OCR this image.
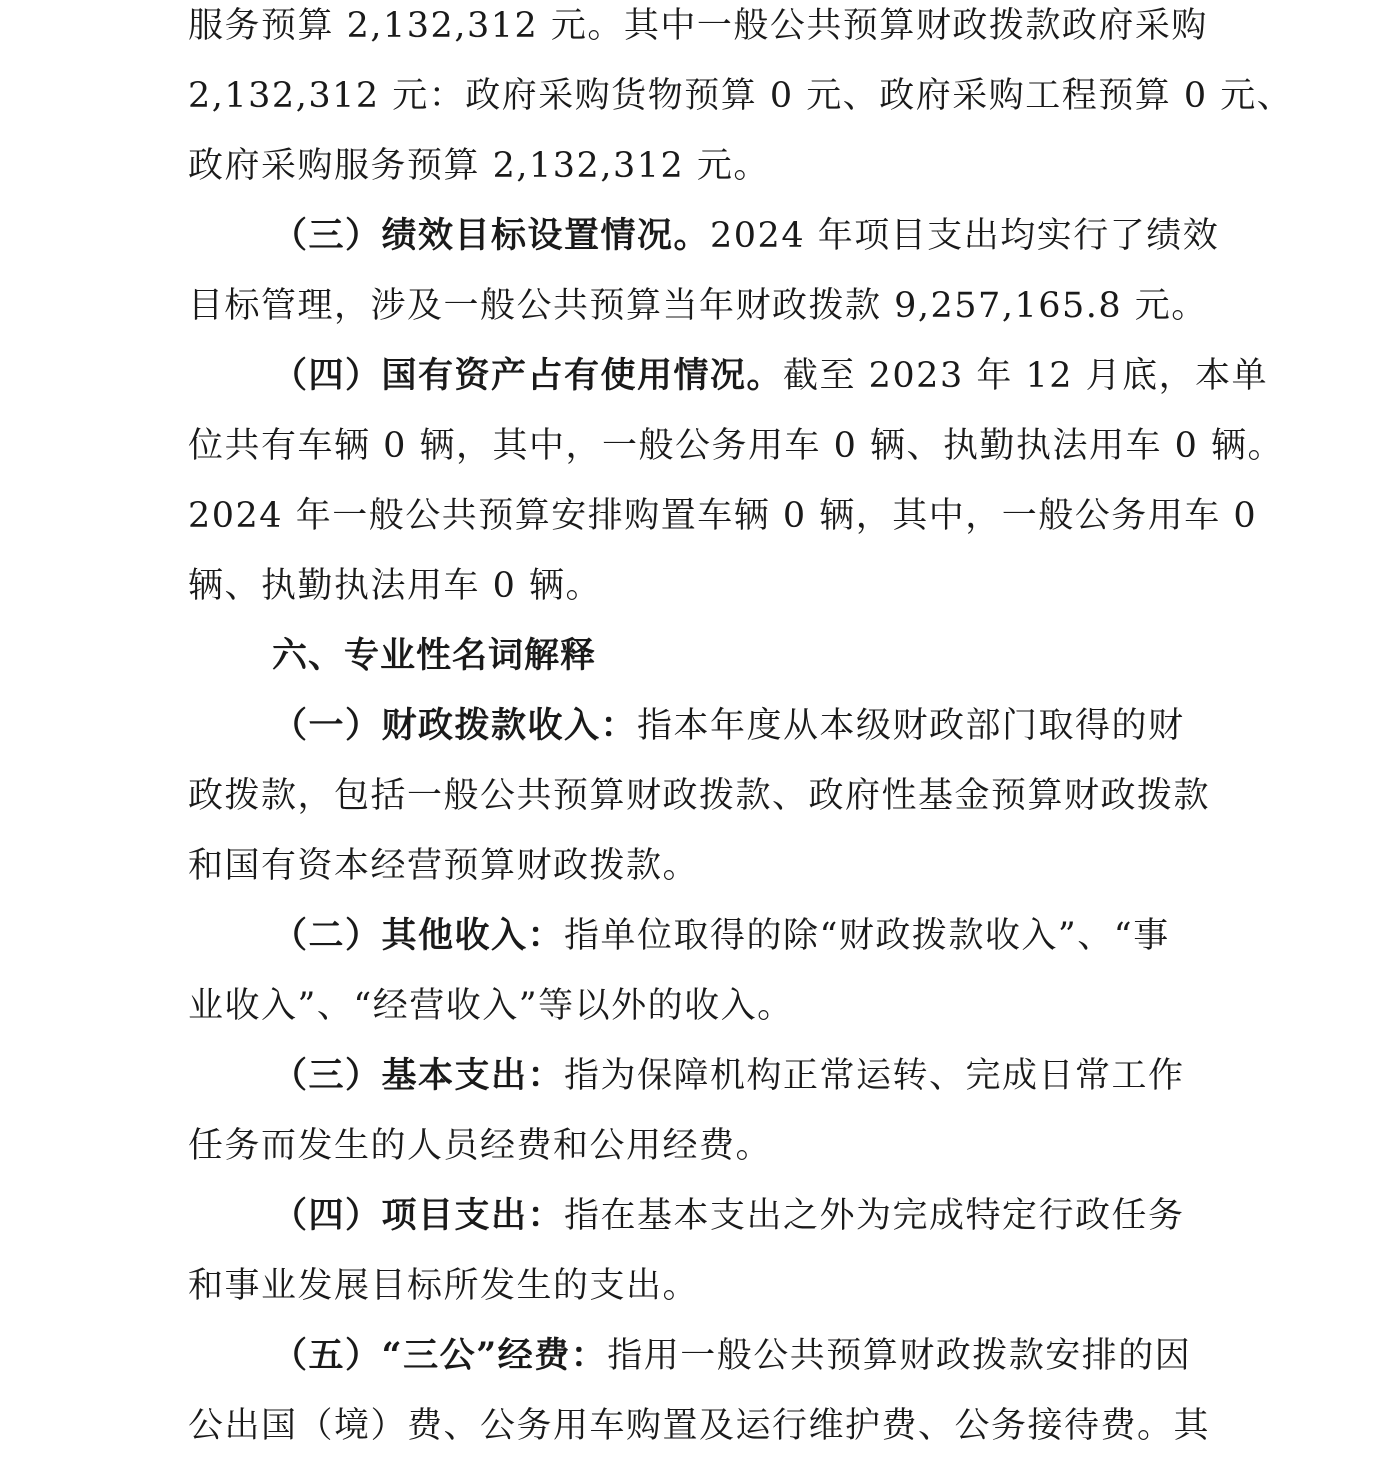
服务预算 2,132,312 元。其中一般公共预算财政拨款政府采购
2,132,312 元：政府采购货物预算 0 元、政府采购工程预算 0 元、
政府采购服务预算 2,132,312 元。
（三）绩效目标设置情况。2024 年项目支出均实行了绩效
目标管理，涉及一般公共预算当年财政拨款 9,257,165.8 元。
（四）国有资产占有使用情况。截至 2023 年 12 月底，本单
位共有车辆 0 辆，其中，一般公务用车 0 辆、执勤执法用车 0 辆。
2024 年一般公共预算安排购置车辆 0 辆，其中，一般公务用车 0
辆、执勤执法用车 0 辆。
六、专业性名词解释
（一）财政拨款收入：指本年度从本级财政部门取得的财
政拨款，包括一般公共预算财政拨款、政府性基金预算财政拨款
和国有资本经营预算财政拨款。
（二）其他收入：指单位取得的除“财政拨款收入”、“事
业收入”、“经营收入”等以外的收入。
（三）基本支出：指为保障机构正常运转、完成日常工作
任务而发生的人员经费和公用经费。
（四）项目支出：指在基本支出之外为完成特定行政任务
和事业发展目标所发生的支出。
（五）“三公”经费：指用一般公共预算财政拨款安排的因
公出国（境）费、公务用车购置及运行维护费、公务接待费。其
